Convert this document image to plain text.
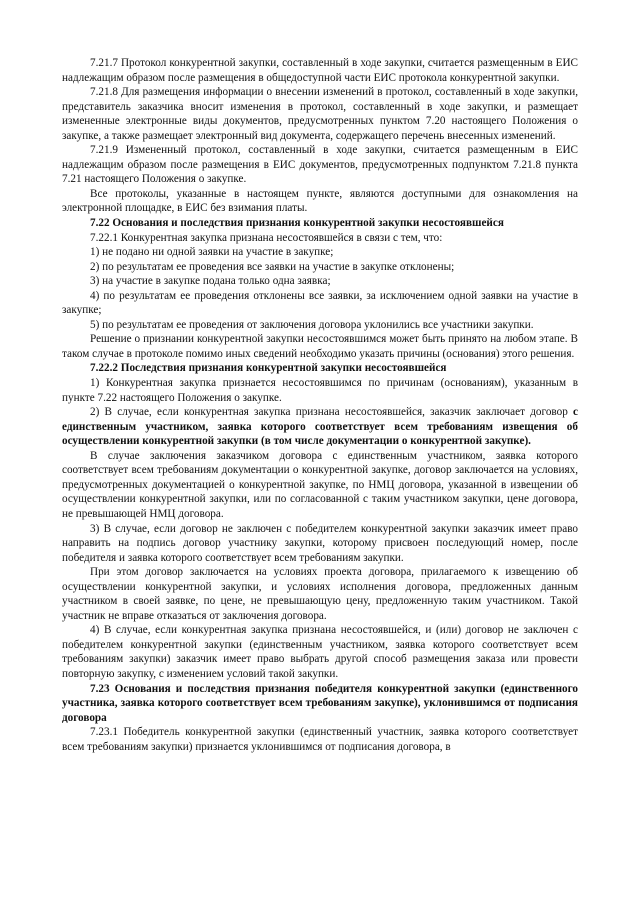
7.21.7 Протокол конкурентной закупки, составленный в ходе закупки, считается размещенным в ЕИС надлежащим образом после размещения в общедоступной части ЕИС протокола конкурентной закупки.

7.21.8 Для размещения информации о внесении изменений в протокол, составленный в ходе закупки, представитель заказчика вносит изменения в протокол, составленный в ходе закупки, и размещает измененные электронные виды документов, предусмотренных пунктом 7.20 настоящего Положения о закупке, а также размещает электронный вид документа, содержащего перечень внесенных изменений.

7.21.9 Измененный протокол, составленный в ходе закупки, считается размещенным в ЕИС надлежащим образом после размещения в ЕИС документов, предусмотренных подпунктом 7.21.8 пункта 7.21 настоящего Положения о закупке.

Все протоколы, указанные в настоящем пункте, являются доступными для ознакомления на электронной площадке, в ЕИС без взимания платы.

7.22 Основания и последствия признания конкурентной закупки несостоявшейся

7.22.1 Конкурентная закупка признана несостоявшейся в связи с тем, что:

1) не подано ни одной заявки на участие в закупке;

2) по результатам ее проведения все заявки на участие в закупке отклонены;

3) на участие в закупке подана только одна заявка;

4) по результатам ее проведения отклонены все заявки, за исключением одной заявки на участие в закупке;

5) по результатам ее проведения от заключения договора уклонились все участники закупки.

Решение о признании конкурентной закупки несостоявшимся может быть принято на любом этапе. В таком случае в протоколе помимо иных сведений необходимо указать причины (основания) этого решения.

7.22.2 Последствия признания конкурентной закупки несостоявшейся

1) Конкурентная закупка признается несостоявшимся по причинам (основаниям), указанным в пункте 7.22 настоящего Положения о закупке.

2) В случае, если конкурентная закупка признана несостоявшейся, заказчик заключает договор с единственным участником, заявка которого соответствует всем требованиям извещения об осуществлении конкурентной закупки (в том числе документации о конкурентной закупке).

В случае заключения заказчиком договора с единственным участником, заявка которого соответствует всем требованиям документации о конкурентной закупке, договор заключается на условиях, предусмотренных документацией о конкурентной закупке, по НМЦ договора, указанной в извещении об осуществлении конкурентной закупки, или по согласованной с таким участником закупки, цене договора, не превышающей НМЦ договора.

3) В случае, если договор не заключен с победителем конкурентной закупки заказчик имеет право направить на подпись договор участнику закупки, которому присвоен последующий номер, после победителя и заявка которого соответствует всем требованиям закупки.

При этом договор заключается на условиях проекта договора, прилагаемого к извещению об осуществлении конкурентной закупки, и условиях исполнения договора, предложенных данным участником в своей заявке, по цене, не превышающую цену, предложенную таким участником. Такой участник не вправе отказаться от заключения договора.

4) В случае, если конкурентная закупка признана несостоявшейся, и (или) договор не заключен с победителем конкурентной закупки (единственным участником, заявка которого соответствует всем требованиям закупки) заказчик имеет право выбрать другой способ размещения заказа или провести повторную закупку, с изменением условий такой закупки.

7.23 Основания и последствия признания победителя конкурентной закупки (единственного участника, заявка которого соответствует всем требованиям закупке), уклонившимся от подписания договора

7.23.1 Победитель конкурентной закупки (единственный участник, заявка которого соответствует всем требованиям закупки) признается уклонившимся от подписания договора, в
